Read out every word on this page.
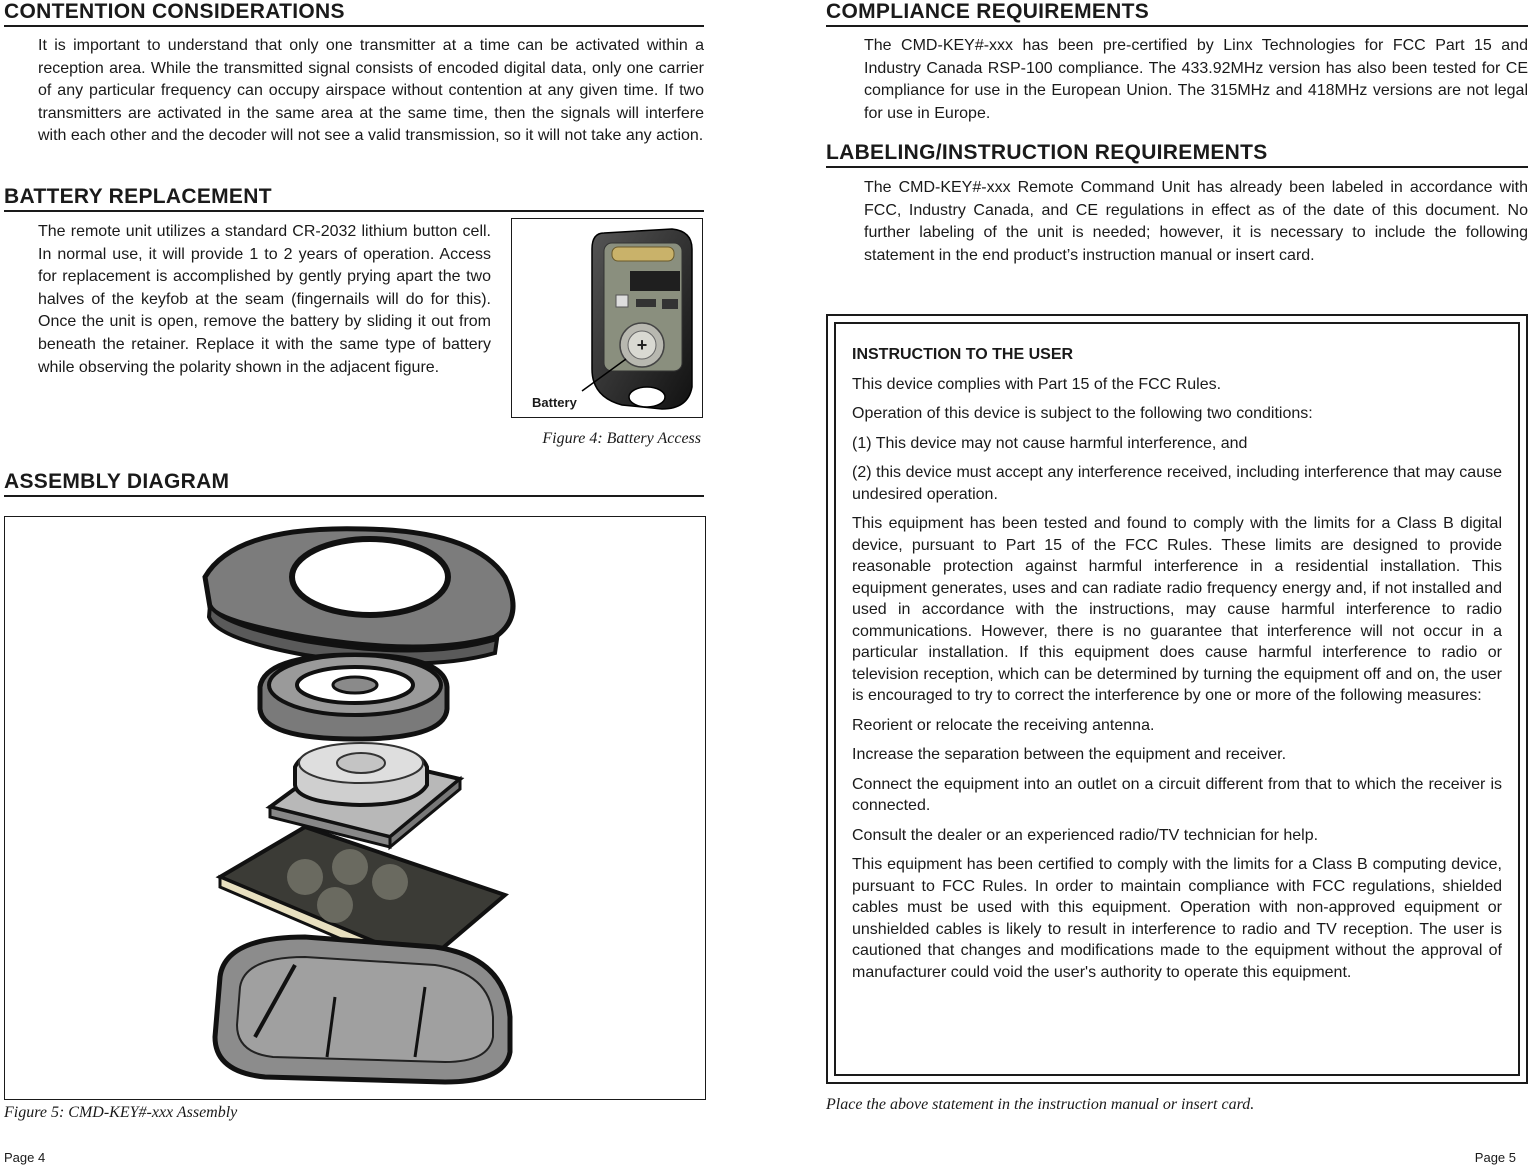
CONTENTION CONSIDERATIONS

It is important to understand that only one transmitter at a time can be activated within a reception area. While the transmitted signal consists of encoded digital data, only one carrier of any particular frequency can occupy airspace without contention at any given time. If two transmitters are activated in the same area at the same time, then the signals will interfere with each other and the decoder will not see a valid transmission, so it will not take any action.

BATTERY REPLACEMENT

The remote unit utilizes a standard CR-2032 lithium button cell. In normal use, it will provide 1 to 2 years of operation. Access for replacement is accomplished by gently prying apart the two halves of the keyfob at the seam (fingernails will do for this). Once the unit is open, remove the battery by sliding it out from beneath the retainer. Replace it with the same type of battery while observing the polarity shown in the adjacent figure.

+
Battery
Figure 4: Battery Access
ASSEMBLY DIAGRAM
Figure 5: CMD-KEY#-xxx Assembly
Page 4
COMPLIANCE REQUIREMENTS

The CMD-KEY#-xxx has been pre-certified by Linx Technologies for FCC Part 15 and Industry Canada RSP-100 compliance. The 433.92MHz version has also been tested for CE compliance for use in the European Union. The 315MHz and 418MHz versions are not legal for use in Europe.

LABELING/INSTRUCTION REQUIREMENTS

The CMD-KEY#-xxx Remote Command Unit has already been labeled in accordance with FCC, Industry Canada, and CE regulations in effect as of the date of this document. No further labeling of the unit is needed; however, it is necessary to include the following statement in the end product’s instruction manual or insert card.

INSTRUCTION TO THE USER

This device complies with Part 15 of the FCC Rules.

Operation of this device is subject to the following two conditions:

(1) This device may not cause harmful interference, and

(2) this device must accept any interference received, including interference that may cause undesired operation.

This equipment has been tested and found to comply with the limits for a Class B digital device, pursuant to Part 15 of the FCC Rules. These limits are designed to provide reasonable protection against harmful interference in a residential installation. This equipment generates, uses and can radiate radio frequency energy and, if not installed and used in accordance with the instructions, may cause harmful interference to radio communications. However, there is no guarantee that interference will not occur in a particular installation. If this equipment does cause harmful interference to radio or television reception, which can be determined by turning the equipment off and on, the user is encouraged to try to correct the interference by one or more of the following measures:

Reorient or relocate the receiving antenna.

Increase the separation between the equipment and receiver.

Connect the equipment into an outlet on a circuit different from that to which the receiver is connected.

Consult the dealer or an experienced radio/TV technician for help.

This equipment has been certified to comply with the limits for a Class B computing device, pursuant to FCC Rules. In order to maintain compliance with FCC regulations, shielded cables must be used with this equipment. Operation with non-approved equipment or unshielded cables is likely to result in interference to radio and TV reception. The user is cautioned that changes and modifications made to the equipment without the approval of manufacturer could void the user's authority to operate this equipment.

Place the above statement in the instruction manual or insert card.
Page 5
